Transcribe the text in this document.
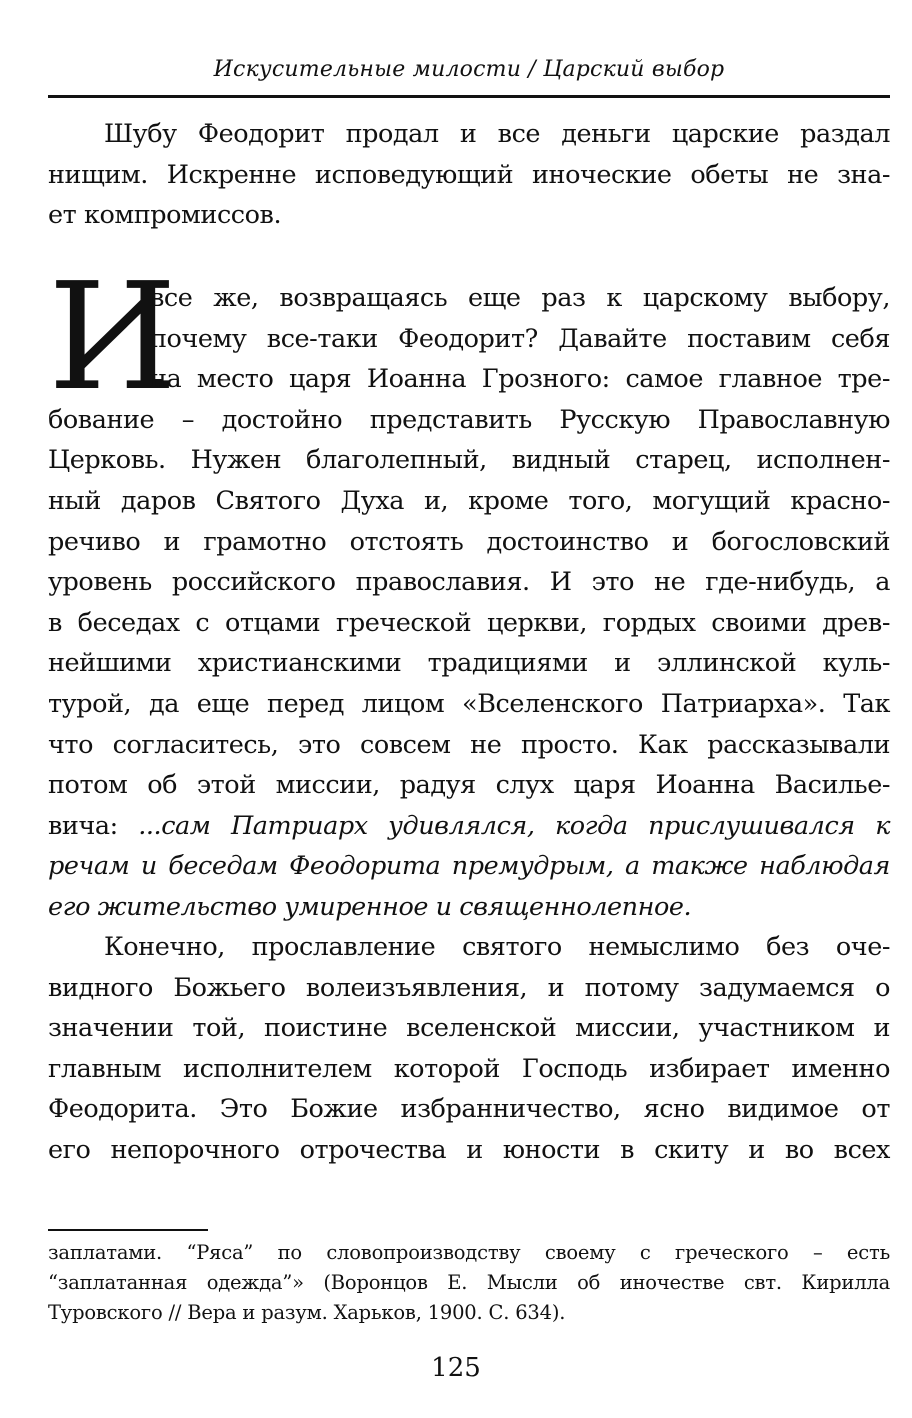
Искусительные милости / Царский выбор
Шубу Феодорит продал и все деньги царские раздал
нищим. Искренне исповедующий иноческие обеты не зна-
ет компромиссов.
И
все же, возвращаясь еще раз к царскому выбору,
почему все-таки Феодорит? Давайте поставим себя
на место царя Иоанна Грозного: самое главное тре-
бование – достойно представить Русскую Православную
Церковь. Нужен благолепный, видный старец, исполнен-
ный даров Святого Духа и, кроме того, могущий красно-
речиво и грамотно отстоять достоинство и богословский
уровень российского православия. И это не где-нибудь, а
в беседах с отцами греческой церкви, гордых своими древ-
нейшими христианскими традициями и эллинской куль-
турой, да еще перед лицом «Вселенского Патриарха». Так
что согласитесь, это совсем не просто. Как рассказывали
потом об этой миссии, радуя слух царя Иоанна Василье-
вича: ...сам Патриарх удивлялся, когда прислушивался к
речам и беседам Феодорита премудрым, а также наблюдая
его жительство умиренное и священнолепное.
Конечно, прославление святого немыслимо без оче-
видного Божьего волеизъявления, и потому задумаемся о
значении той, поистине вселенской миссии, участником и
главным исполнителем которой Господь избирает именно
Феодорита. Это Божие избранничество, ясно видимое от
его непорочного отрочества и юности в скиту и во всех
заплатами. “Ряса” по словопроизводству своему с греческого – есть
“заплатанная одежда”» (Воронцов Е. Мысли об иночестве свт. Кирилла
Туровского // Вера и разум. Харьков, 1900. С. 634).
125
